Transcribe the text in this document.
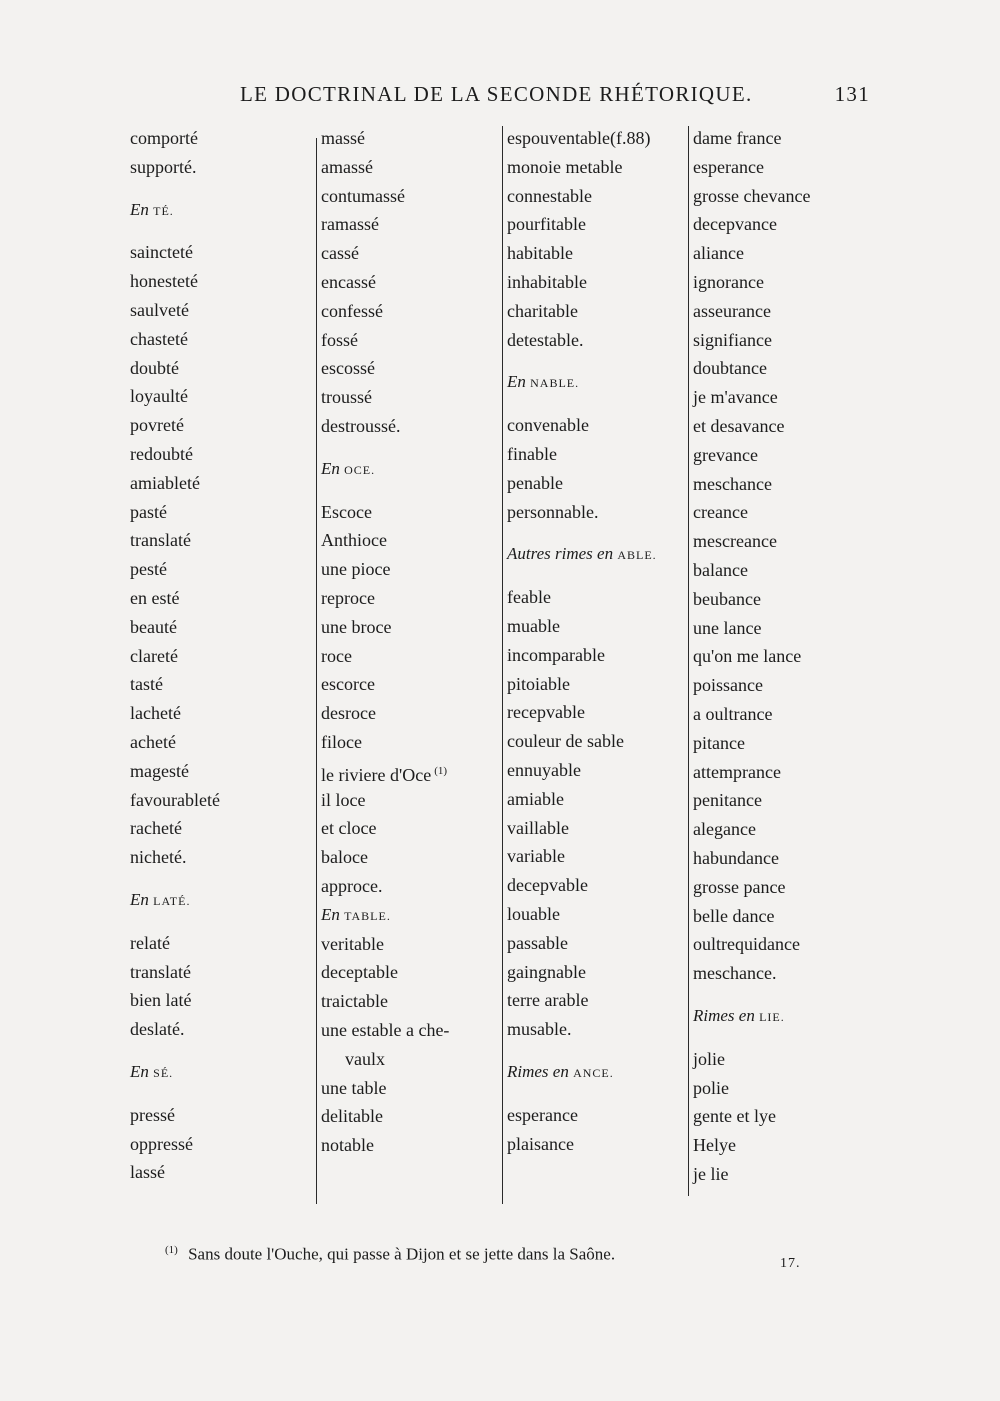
LE DOCTRINAL DE LA SECONDE RHÉTORIQUE.	131
comporté
supporté.
En TÉ.
saincteté
honesteté
saulveté
chasteté
doubté
loyaulté
povreté
redoubté
amiableté
pasté
translaté
pesté
en esté
beauté
clareté
tasté
lacheté
acheté
magesté
favourableté
racheté
nicheté.
En LATÉ.
relaté
translaté
bien laté
deslaté.
En SÉ.
pressé
oppressé
lassé
massé
amassé
contumassé
ramassé
cassé
encassé
confessé
fossé
escossé
troussé
destroussé.
En OCE.
Escoce
Anthioce
une pioce
reproce
une broce
roce
escorce
desroce
filoce
le riviere d'Oce $^{(1)}$
il loce
et cloce
baloce
approce.
En TABLE.
veritable
deceptable
traictable
une estable a che-
vaulx
une table
delitable
notable
espouventable(f.88)
monoie metable
connestable
pourfitable
habitable
inhabitable
charitable
detestable.
En NABLE.
convenable
finable
penable
personnable.
Autres rimes en ABLE.
feable
muable
incomparable
pitoiable
recepvable
couleur de sable
ennuyable
amiable
vaillable
variable
decepvable
louable
passable
gaingnable
terre arable
musable.
Rimes en ANCE.
esperance
plaisance
dame france
esperance
grosse chevance
decepvance
aliance
ignorance
asseurance
signifiance
doubtance
je m'avance
et desavance
grevance
meschance
creance
mescreance
balance
beubance
une lance
qu'on me lance
poissance
a oultrance
pitance
attemprance
penitance
alegance
habundance
grosse pance
belle dance
oultrequidance
meschance.
Rimes en LIE.
jolie
polie
gente et lye
Helye
je lie
$^{(1)}$ Sans doute l'Ouche, qui passe à Dijon et se jette dans la Saône.	17.
